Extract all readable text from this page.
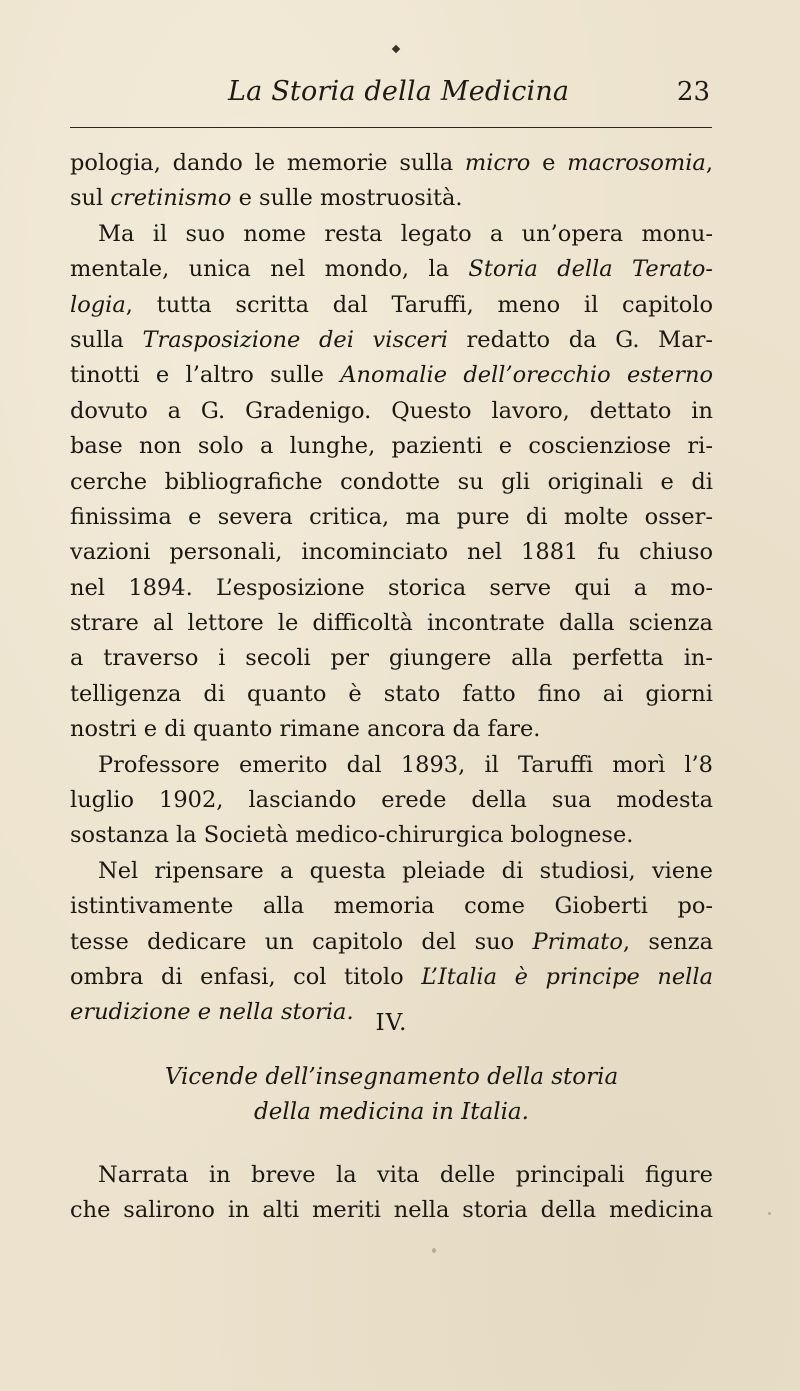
La Storia della Medicina	23
pologia, dando le memorie sulla micro e macrosomia,
sul cretinismo e sulle mostruosità.
Ma il suo nome resta legato a un’opera monu-
mentale, unica nel mondo, la Storia della Terato-
logia, tutta scritta dal Taruffi, meno il capitolo
sulla Trasposizione dei visceri redatto da G. Mar-
tinotti e l’altro sulle Anomalie dell’orecchio esterno
dovuto a G. Gradenigo. Questo lavoro, dettato in
base non solo a lunghe, pazienti e coscienziose ri-
cerche bibliografiche condotte su gli originali e di
finissima e severa critica, ma pure di molte osser-
vazioni personali, incominciato nel 1881 fu chiuso
nel 1894. L’esposizione storica serve qui a mo-
strare al lettore le difficoltà incontrate dalla scienza
a traverso i secoli per giungere alla perfetta in-
telligenza di quanto è stato fatto fino ai giorni
nostri e di quanto rimane ancora da fare.
Professore emerito dal 1893, il Taruffi morì l’8
luglio 1902, lasciando erede della sua modesta
sostanza la Società medico-chirurgica bolognese.
Nel ripensare a questa pleiade di studiosi, viene
istintivamente alla memoria come Gioberti po-
tesse dedicare un capitolo del suo Primato, senza
ombra di enfasi, col titolo L’Italia è principe nella
erudizione e nella storia. IV.
Vicende dell’insegnamento della storia
della medicina in Italia.
Narrata in breve la vita delle principali figure
che salirono in alti meriti nella storia della medicina
